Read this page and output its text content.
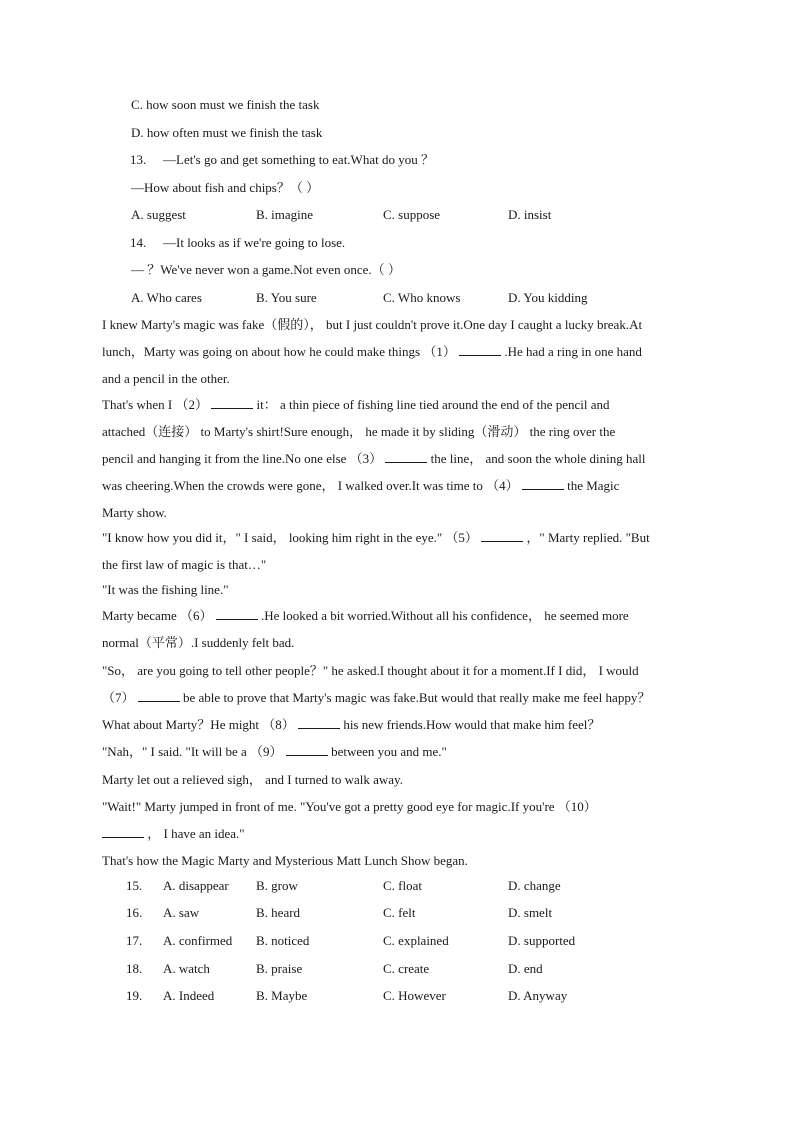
C. how soon must we finish the task
D. how often must we finish the task
13. —Let's go and get something to eat.What do you ？
—How about fish and chips？（ ）
A. suggest	B. imagine	C. suppose	D. insist
14. —It looks as if we're going to lose.
— ？We've never won a game.Not even once.（ ）
A. Who cares	B. You sure	C. Who knows	D. You kidding
I knew Marty's magic was fake（假的）， but I just couldn't prove it.One day I caught a lucky break.At
lunch，Marty was going on about how he could make things （1）	.He had a ring in one hand
and a pencil in the other.
That's when I （2）	it： a thin piece of fishing line tied around the end of the pencil and
attached（连接） to Marty's shirt!Sure enough， he made it by sliding（滑动） the ring over the
pencil and hanging it from the line.No one else （3）	the line， and soon the whole dining hall
was cheering.When the crowds were gone， I walked over.It was time to （4）	the Magic
Marty show.
"I know how you did it，" I said， looking him right in the eye." （5）	，" Marty replied. "But
the first law of magic is that…"
"It was the fishing line."
Marty became （6）	.He looked a bit worried.Without all his confidence， he seemed more
normal（平常）.I suddenly felt bad.
"So， are you going to tell other people？" he asked.I thought about it for a moment.If I did， I would
（7）	be able to prove that Marty's magic was fake.But would that really make me feel happy？
What about Marty？He might （8）	his new friends.How would that make him feel？
"Nah，" I said. "It will be a （9）	between you and me."
Marty let out a relieved sigh， and I turned to walk away.
"Wait!" Marty jumped in front of me. "You've got a pretty good eye for magic.If you're （10）
， I have an idea."
That's how the Magic Marty and Mysterious Matt Lunch Show began.
15. A. disappear B. grow	C. float	D. change
16. A. saw	B. heard	C. felt	D. smelt
17. A. confirmed B. noticed	C. explained	D. supported
18. A. watch	B. praise	C. create	D. end
19. A. Indeed	B. Maybe	C. However	D. Anyway
